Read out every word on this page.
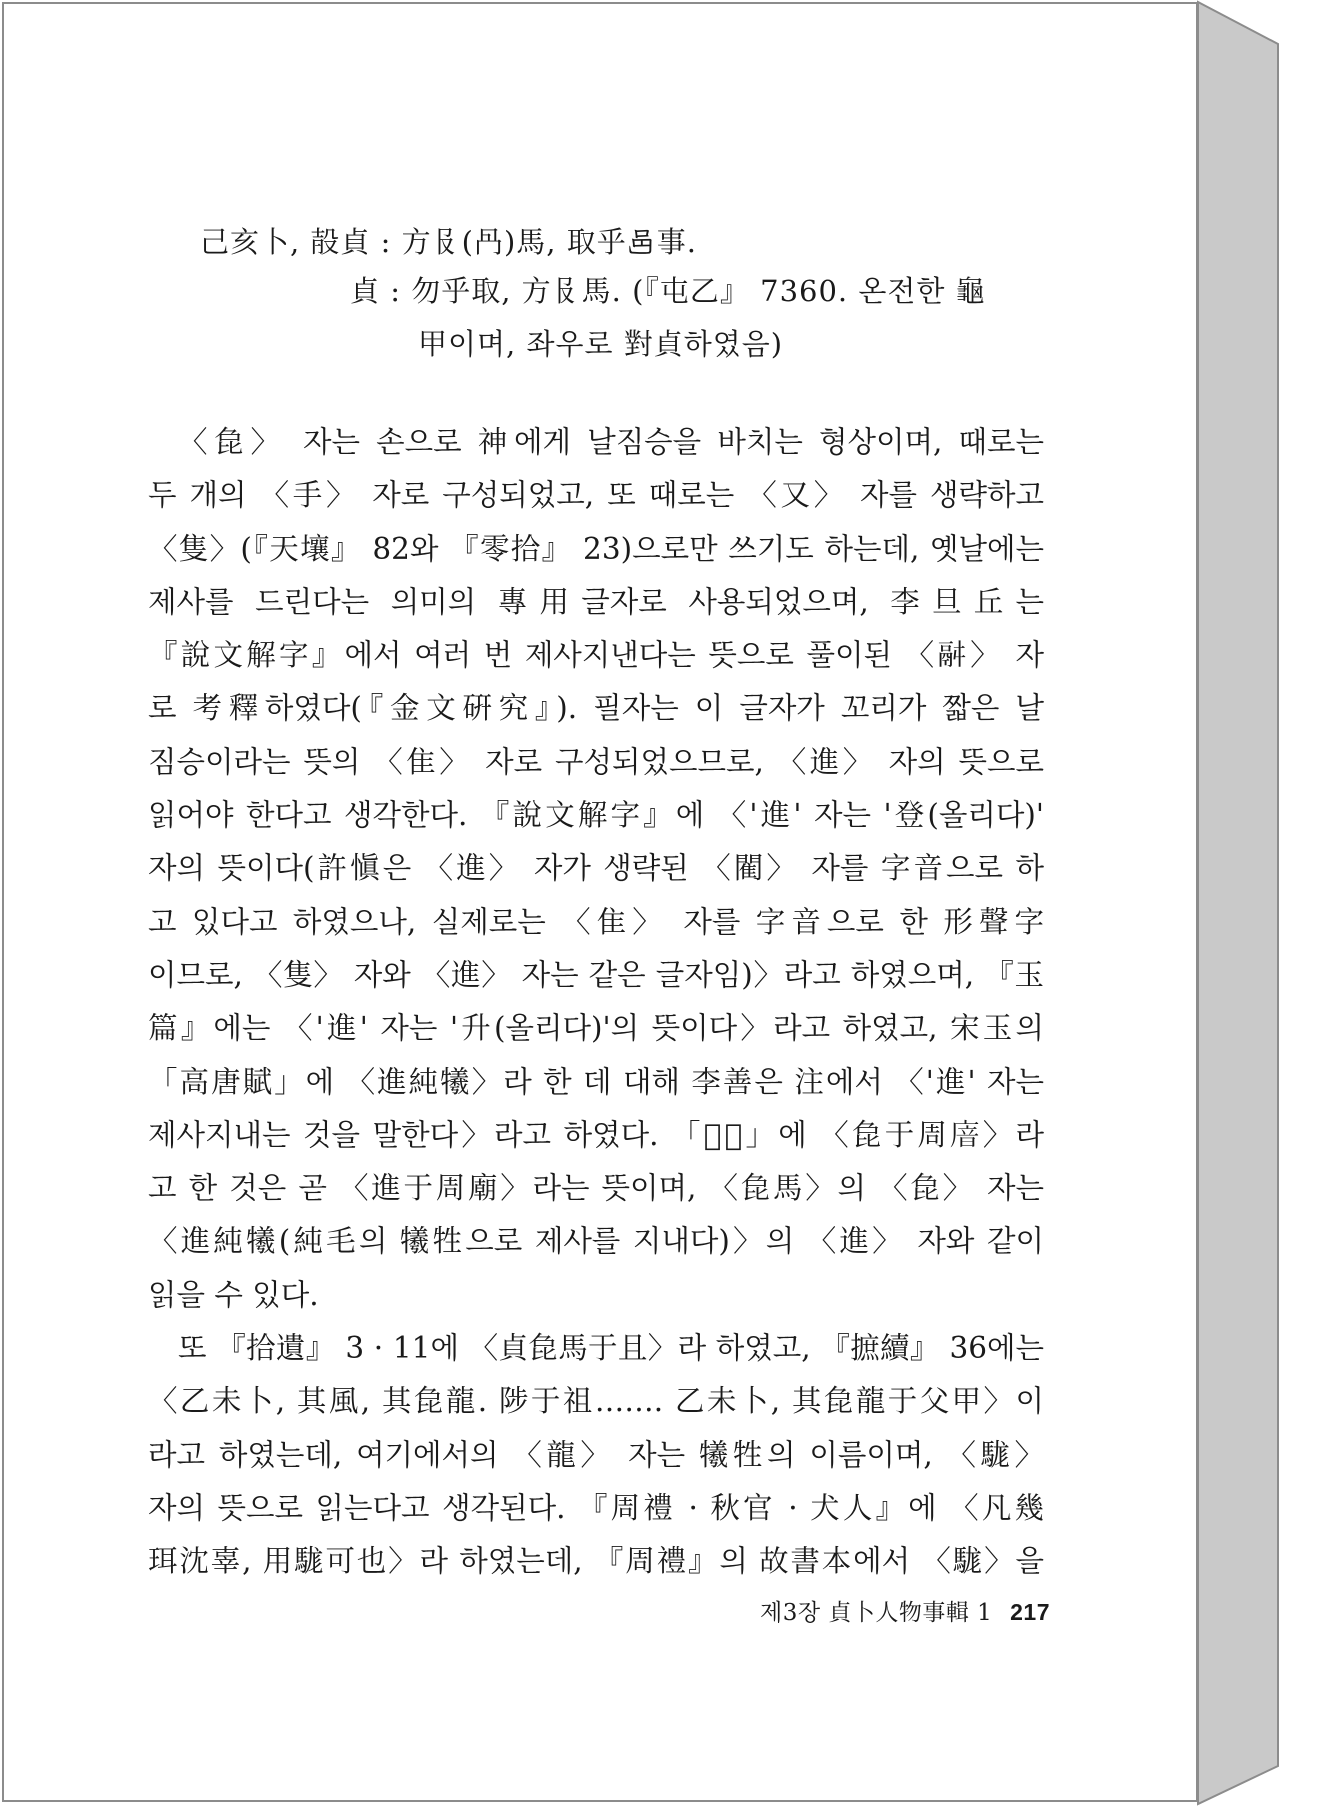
己亥卜, 㱿貞 : 方𠬝(冎)馬, 取乎𨙨事.
貞 : 勿乎取, 方𠬝馬. (『屯乙』 7360. 온전한 龜
甲이며, 좌우로 對貞하였음)
〈㲋〉 자는 손으로 神에게 날짐승을 바치는 형상이며, 때로는
두 개의 〈手〉 자로 구성되었고, 또 때로는 〈又〉 자를 생략하고
〈隻〉(『天壤』 82와 『零拾』 23)으로만 쓰기도 하는데, 옛날에는
제사를 드린다는 의미의 專用글자로 사용되었으며, 李旦丘는
『說文解字』에서 여러 번 제사지낸다는 뜻으로 풀이된 〈𩰫〉 자
로 考釋하였다(『金文硏究』). 필자는 이 글자가 꼬리가 짧은 날
짐승이라는 뜻의 〈隹〉 자로 구성되었으므로, 〈進〉 자의 뜻으로
읽어야 한다고 생각한다. 『說文解字』에 〈'進' 자는 '登(올리다)'
자의 뜻이다(許愼은 〈進〉 자가 생략된 〈閵〉 자를 字音으로 하
고 있다고 하였으나, 실제로는 〈隹〉 자를 字音으로 한 形聲字
이므로, 〈隻〉 자와 〈進〉 자는 같은 글자임)〉라고 하였으며, 『玉
篇』에는 〈'進' 자는 '升(올리다)'의 뜻이다〉라고 하였고, 宋玉의
「高唐賦」에 〈進純犧〉라 한 데 대해 李善은 注에서 〈'進' 자는
제사지내는 것을 말한다〉라고 하였다. 「𡫏鼎」에 〈㲋于周𢉩〉라
고 한 것은 곧 〈進于周廟〉라는 뜻이며, 〈㲋馬〉의 〈㲋〉 자는
〈進純犧(純毛의 犧牲으로 제사를 지내다)〉의 〈進〉 자와 같이
읽을 수 있다.
또 『拾遺』 3 · 11에 〈貞㲋馬于且〉라 하였고, 『摭續』 36에는
〈乙未卜, 其風, 其㲋龍. 陟于祖……. 乙未卜, 其㲋龍于父甲〉이
라고 하였는데, 여기에서의 〈龍〉 자는 犧牲의 이름이며, 〈駹〉
자의 뜻으로 읽는다고 생각된다. 『周禮 · 秋官 · 犬人』에 〈凡幾
珥沈辜, 用駹可也〉라 하였는데, 『周禮』의 故書本에서 〈駹〉을
제3장 貞卜人物事輯 1 217
